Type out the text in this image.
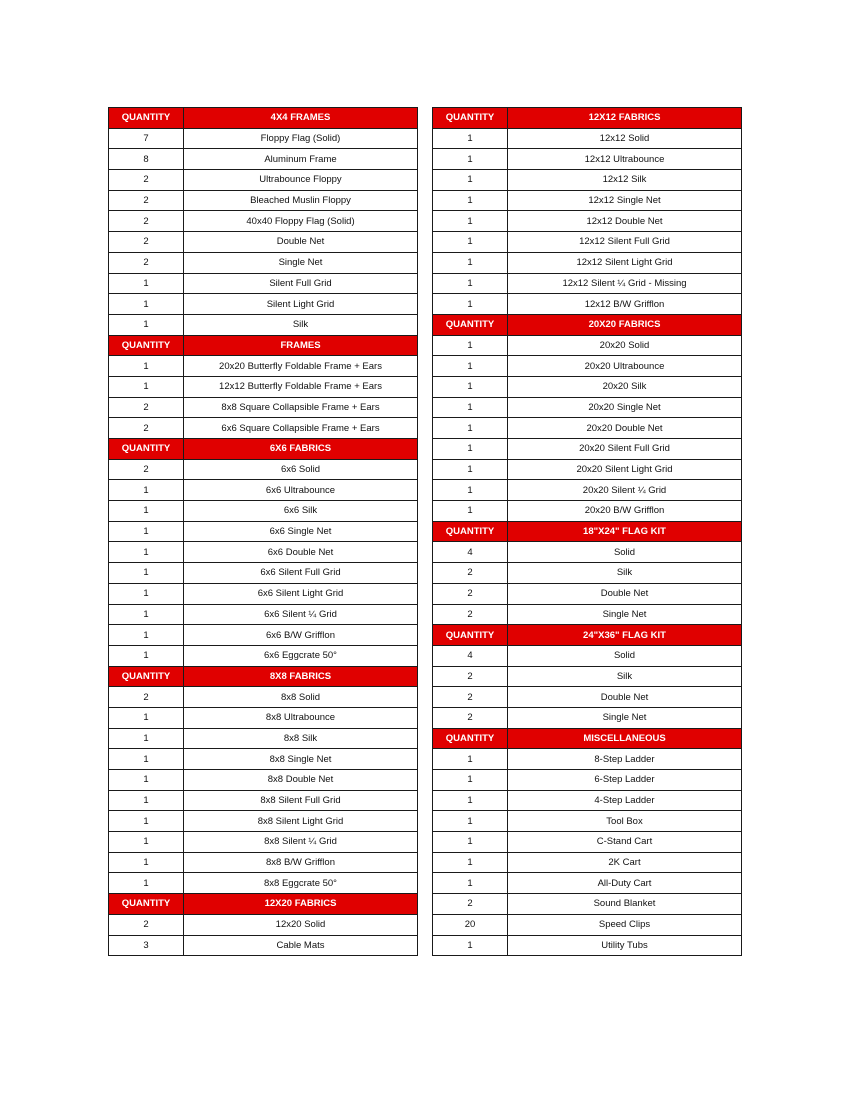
QUANTITY	4X4 FRAMES
7	Floppy Flag (Solid)
8	Aluminum Frame
2	Ultrabounce Floppy
2	Bleached Muslin Floppy
2	40x40 Floppy Flag (Solid)
2	Double Net
2	Single Net
1	Silent Full Grid
1	Silent Light Grid
1	Silk
QUANTITY	FRAMES
1	20x20 Butterfly Foldable Frame + Ears
1	12x12 Butterfly Foldable Frame + Ears
2	8x8 Square Collapsible Frame + Ears
2	6x6 Square Collapsible Frame + Ears
QUANTITY	6X6 FABRICS
2	6x6 Solid
1	6x6 Ultrabounce
1	6x6 Silk
1	6x6 Single Net
1	6x6 Double Net
1	6x6 Silent Full Grid
1	6x6 Silent Light Grid
1	6x6 Silent ¼ Grid
1	6x6 B/W Grifflon
1	6x6 Eggcrate 50°
QUANTITY	8X8 FABRICS
2	8x8 Solid
1	8x8 Ultrabounce
1	8x8 Silk
1	8x8 Single Net
1	8x8 Double Net
1	8x8 Silent Full Grid
1	8x8 Silent Light Grid
1	8x8 Silent ¼ Grid
1	8x8 B/W Grifflon
1	8x8 Eggcrate 50°
QUANTITY	12X20 FABRICS
2	12x20 Solid
3	Cable Mats
QUANTITY	12X12 FABRICS
1	12x12 Solid
1	12x12 Ultrabounce
1	12x12 Silk
1	12x12 Single Net
1	12x12 Double Net
1	12x12 Silent Full Grid
1	12x12 Silent Light Grid
1	12x12 Silent ¼ Grid - Missing
1	12x12 B/W Grifflon
QUANTITY	20X20 FABRICS
1	20x20 Solid
1	20x20 Ultrabounce
1	20x20 Silk
1	20x20 Single Net
1	20x20 Double Net
1	20x20 Silent Full Grid
1	20x20 Silent Light Grid
1	20x20 Silent ¼ Grid
1	20x20 B/W Grifflon
QUANTITY	18"X24" FLAG KIT
4	Solid
2	Silk
2	Double Net
2	Single Net
QUANTITY	24"X36" FLAG KIT
4	Solid
2	Silk
2	Double Net
2	Single Net
QUANTITY	MISCELLANEOUS
1	8-Step Ladder
1	6-Step Ladder
1	4-Step Ladder
1	Tool Box
1	C-Stand Cart
1	2K Cart
1	All-Duty Cart
2	Sound Blanket
20	Speed Clips
1	Utility Tubs
